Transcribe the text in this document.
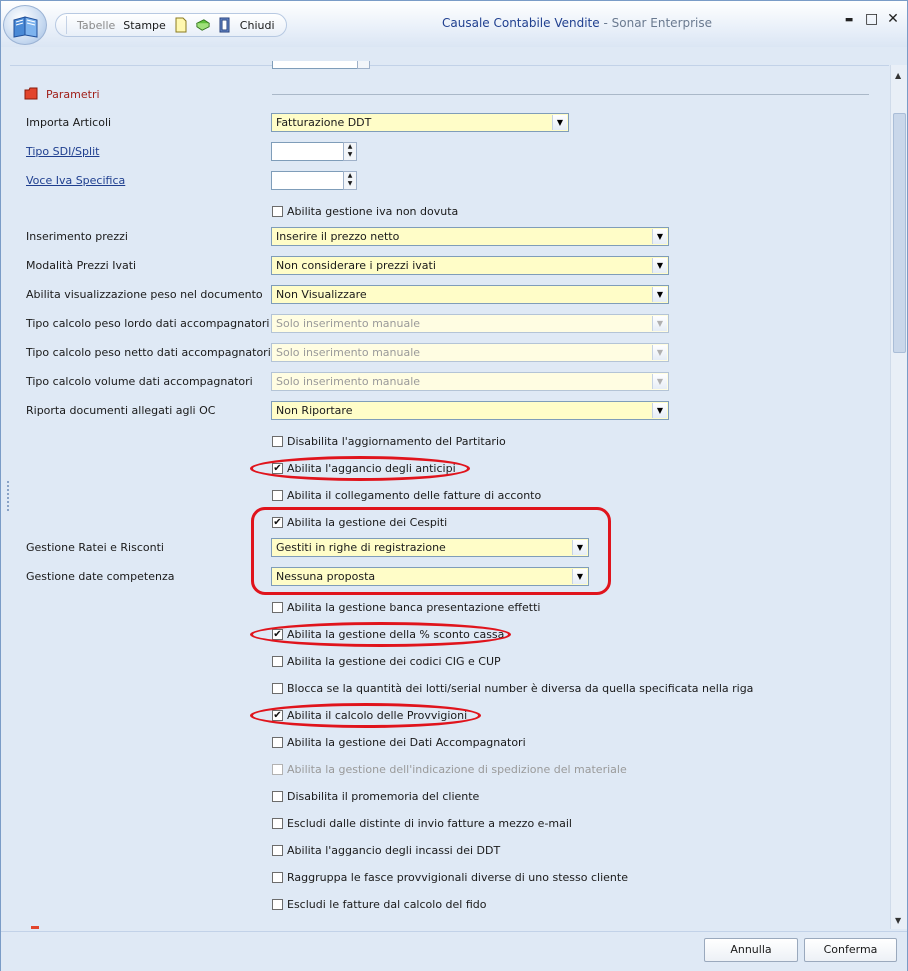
Tabelle Stampe	Chiudi	Causale Contabile Vendite - Sonar Enterprise	▬ □ ✕
▲
▼
Parametri
Importa Articoli	Fatturazione DDT	▼
Tipo SDI/Split	▲
▼
Voce Iva Specifica	▲
▼
Abilita gestione iva non dovuta
Inserimento prezzi	Inserire il prezzo netto	▼
Modalità Prezzi Ivati	Non considerare i prezzi ivati	▼
Abilita visualizzazione peso nel documento	Non Visualizzare	▼
Tipo calcolo peso lordo dati accompagnatori Solo inserimento manuale	▼
Tipo calcolo peso netto dati accompagnatori Solo inserimento manuale	▼
Tipo calcolo volume dati accompagnatori	Solo inserimento manuale	▼
Riporta documenti allegati agli OC	Non Riportare	▼
Disabilita l'aggiornamento del Partitario
✔ Abilita l'aggancio degli anticipi
Abilita il collegamento delle fatture di acconto
✔ Abilita la gestione dei Cespiti
Gestione Ratei e Risconti	Gestiti in righe di registrazione	▼
Gestione date competenza	Nessuna proposta	▼
Abilita la gestione banca presentazione effetti
✔ Abilita la gestione della % sconto cassa
Abilita la gestione dei codici CIG e CUP
Blocca se la quantità dei lotti/serial number è diversa da quella specificata nella riga
✔ Abilita il calcolo delle Provvigioni
Abilita la gestione dei Dati Accompagnatori
Abilita la gestione dell'indicazione di spedizione del materiale
Disabilita il promemoria del cliente
Escludi dalle distinte di invio fatture a mezzo e-mail
Abilita l'aggancio degli incassi dei DDT
Raggruppa le fasce provvigionali diverse di uno stesso cliente
Escludi le fatture dal calcolo del fido
Annulla	Conferma
